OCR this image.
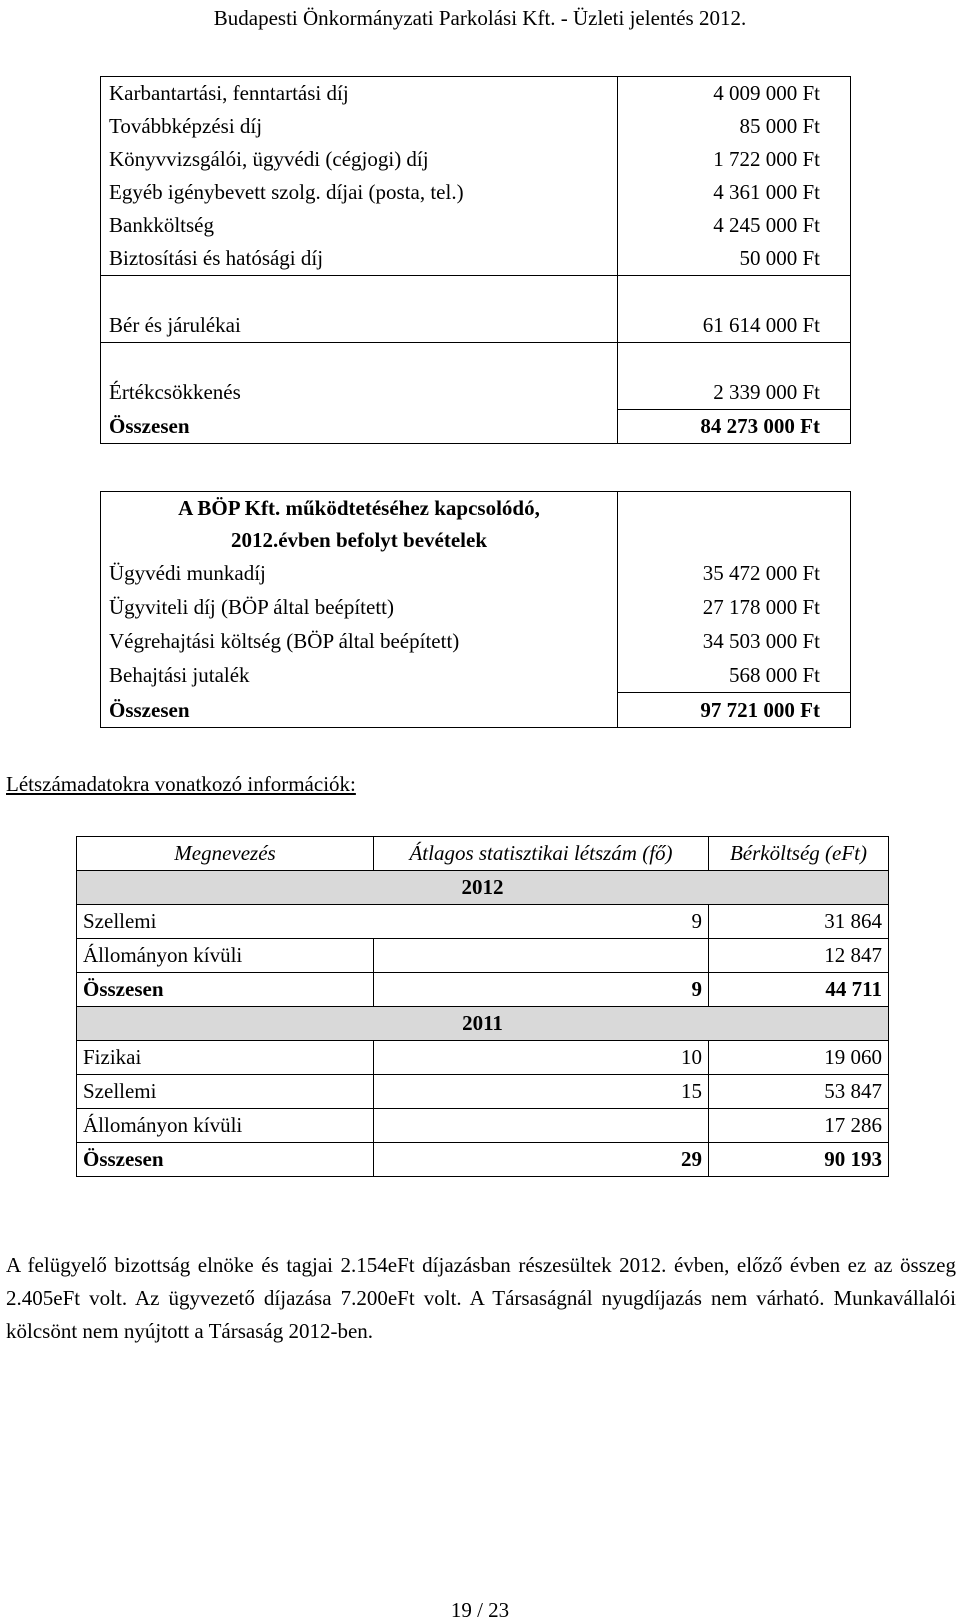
Budapesti Önkormányzati Parkolási Kft. - Üzleti jelentés 2012.
Karbantartási, fenntartási díj	4 009 000 Ft
Továbbképzési díj	85 000 Ft
Könyvvizsgálói, ügyvédi (cégjogi) díj	1 722 000 Ft
Egyéb igénybevett szolg. díjai (posta, tel.)	4 361 000 Ft
Bankköltség	4 245 000 Ft
Biztosítási és hatósági díj	50 000 Ft

Bér és járulékai	61 614 000 Ft

Értékcsökkenés	2 339 000 Ft
Összesen	84 273 000 Ft
A BÖP Kft. működtetéséhez kapcsolódó,
2012.évben befolyt bevételek	
Ügyvédi munkadíj	35 472 000 Ft
Ügyviteli díj (BÖP által beépített)	27 178 000 Ft
Végrehajtási költség (BÖP által beépített)	34 503 000 Ft
Behajtási jutalék	568 000 Ft
Összesen	97 721 000 Ft
Létszámadatokra vonatkozó információk:
Megnevezés	Átlagos statisztikai létszám (fő)	Bérköltség (eFt)
2012		
Szellemi	9	31 864
Állományon kívüli		12 847
Összesen	9	44 711
2011		
Fizikai	10	19 060
Szellemi	15	53 847
Állományon kívüli		17 286
Összesen	29	90 193
A felügyelő bizottság elnöke és tagjai 2.154eFt díjazásban részesültek 2012. évben, előző évben ez az összeg 2.405eFt volt. Az ügyvezető díjazása 7.200eFt volt. A Társaságnál nyugdíjazás nem várható. Munkavállalói kölcsönt nem nyújtott a Társaság 2012-ben.
19 / 23
